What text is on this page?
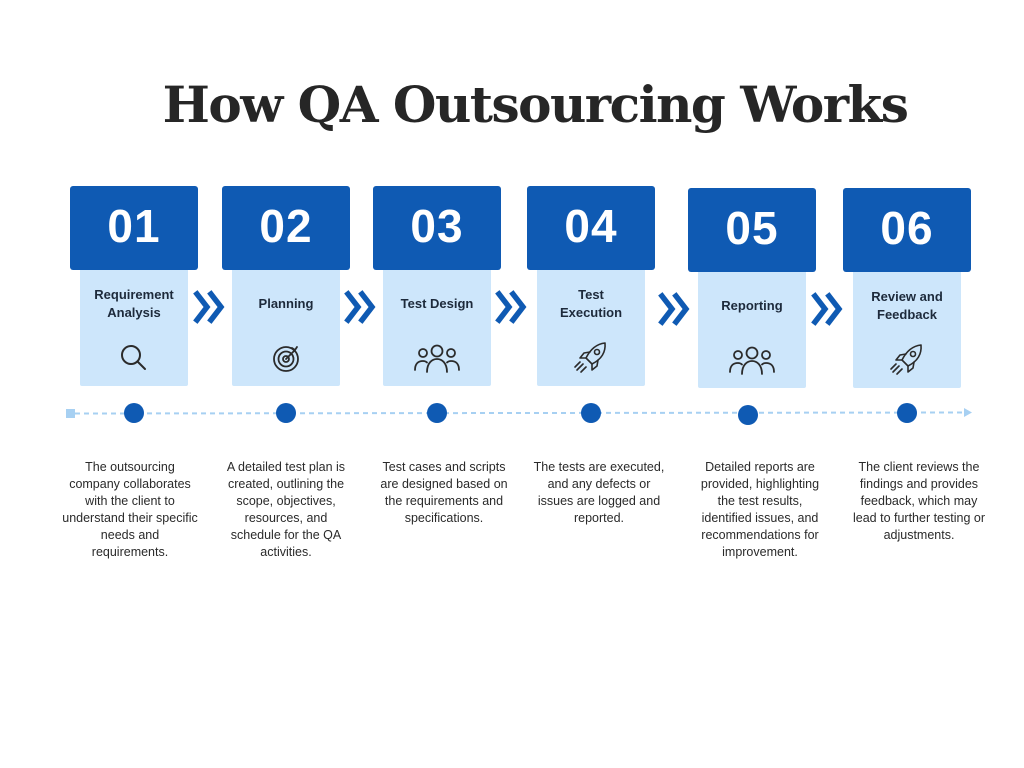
How QA Outsourcing Works
01
Requirement
Analysis
02
Planning
03
Test Design
04
Test
Execution
05
Reporting
06
Review and
Feedback
The outsourcing company collaborates with the client to understand their specific needs and requirements.
A detailed test plan is created, outlining the scope, objectives, resources, and schedule for the QA activities.
Test cases and scripts are designed based on the requirements and specifications.
The tests are executed, and any defects or issues are logged and reported.
Detailed reports are provided, highlighting the test results, identified issues, and recommendations for improvement.
The client reviews the findings and provides feedback, which may lead to further testing or adjustments.
